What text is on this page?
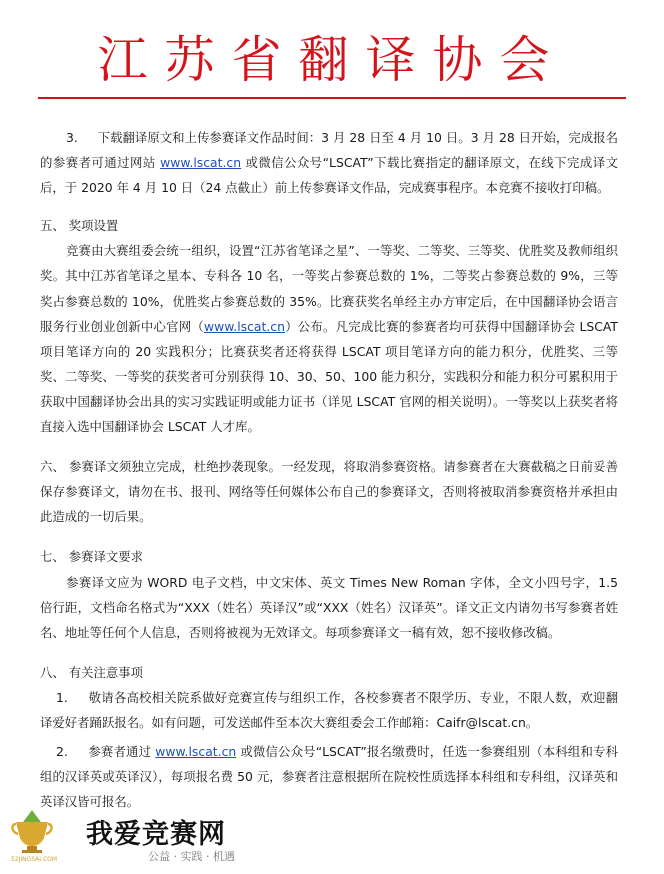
江苏省翻译协会

3. 下载翻译原文和上传参赛译文作品时间：3 月 28 日至 4 月 10 日。3 月 28 日开始，完成报名的参赛者可通过网站 www.lscat.cn 或微信公众号“LSCAT”下载比赛指定的翻译原文，在线下完成译文后，于 2020 年 4 月 10 日（24 点截止）前上传参赛译文作品，完成赛事程序。本竞赛不接收打印稿。

五、 奖项设置

竞赛由大赛组委会统一组织，设置“江苏省笔译之星”、一等奖、二等奖、三等奖、优胜奖及教师组织奖。其中江苏省笔译之星本、专科各 10 名，一等奖占参赛总数的 1%，二等奖占参赛总数的 9%，三等奖占参赛总数的 10%，优胜奖占参赛总数的 35%。比赛获奖名单经主办方审定后，在中国翻译协会语言服务行业创业创新中心官网（www.lscat.cn）公布。凡完成比赛的参赛者均可获得中国翻译协会 LSCAT 项目笔译方向的 20 实践积分；比赛获奖者还将获得 LSCAT 项目笔译方向的能力积分，优胜奖、三等奖、二等奖、一等奖的获奖者可分别获得 10、30、50、100 能力积分，实践积分和能力积分可累积用于获取中国翻译协会出具的实习实践证明或能力证书（详见 LSCAT 官网的相关说明）。一等奖以上获奖者将直接入选中国翻译协会 LSCAT 人才库。

六、 参赛译文须独立完成，杜绝抄袭现象。一经发现，将取消参赛资格。请参赛者在大赛截稿之日前妥善保存参赛译文，请勿在书、报刊、网络等任何媒体公布自己的参赛译文，否则将被取消参赛资格并承担由此造成的一切后果。

七、 参赛译文要求

参赛译文应为 WORD 电子文档，中文宋体、英文 Times New Roman 字体，全文小四号字，1.5 倍行距，文档命名格式为“XXX（姓名）英译汉”或“XXX（姓名）汉译英”。译文正文内请勿书写参赛者姓名、地址等任何个人信息，否则将被视为无效译文。每项参赛译文一稿有效，恕不接收修改稿。

八、 有关注意事项

1. 敬请各高校相关院系做好竞赛宣传与组织工作，各校参赛者不限学历、专业，不限人数，欢迎翻译爱好者踊跃报名。如有问题，可发送邮件至本次大赛组委会工作邮箱：Caifr@lscat.cn。

2. 参赛者通过 www.lscat.cn 或微信公众号“LSCAT”报名缴费时，任选一参赛组别（本科组和专科组的汉译英或英译汉），每项报名费 50 元，参赛者注意根据所在院校性质选择本科组和专科组，汉译英和英译汉皆可报名。

52JINGSAI.COM
我爱竞赛网
公益 · 实践 · 机遇
